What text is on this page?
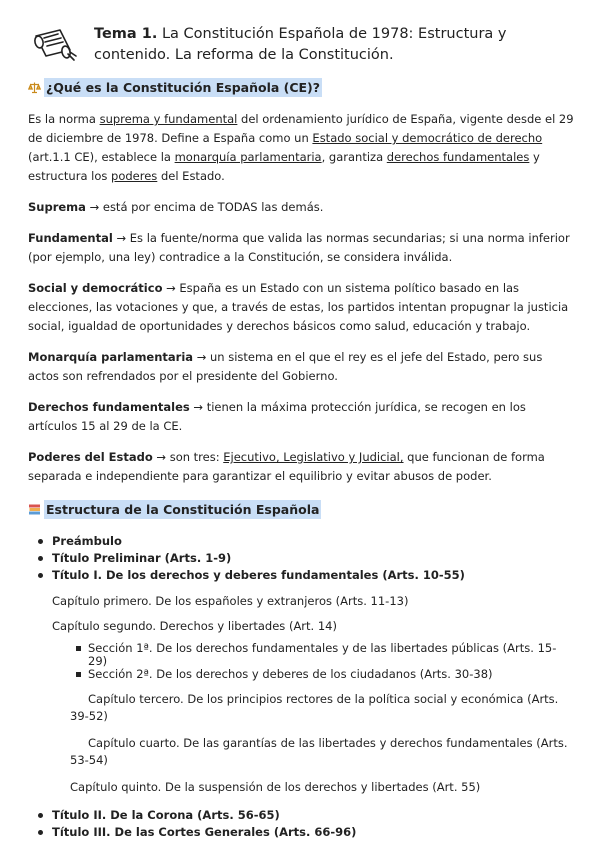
Tema 1. La Constitución Española de 1978: Estructura y contenido. La reforma de la Constitución.
¿Qué es la Constitución Española (CE)?

Es la norma suprema y fundamental del ordenamiento jurídico de España, vigente desde el 29 de diciembre de 1978. Define a España como un Estado social y democrático de derecho (art.1.1 CE), establece la monarquía parlamentaria, garantiza derechos fundamentales y estructura los poderes del Estado.

Suprema → está por encima de TODAS las demás.

Fundamental → Es la fuente/norma que valida las normas secundarias; si una norma inferior (por ejemplo, una ley) contradice a la Constitución, se considera inválida.

Social y democrático → España es un Estado con un sistema político basado en las elecciones, las votaciones y que, a través de estas, los partidos intentan propugnar la justicia social, igualdad de oportunidades y derechos básicos como salud, educación y trabajo.

Monarquía parlamentaria → un sistema en el que el rey es el jefe del Estado, pero sus actos son refrendados por el presidente del Gobierno.

Derechos fundamentales → tienen la máxima protección jurídica, se recogen en los artículos 15 al 29 de la CE.

Poderes del Estado → son tres: Ejecutivo, Legislativo y Judicial, que funcionan de forma separada e independiente para garantizar el equilibrio y evitar abusos de poder.

Estructura de la Constitución Española
Preámbulo
Título Preliminar (Arts. 1-9)
Título I. De los derechos y deberes fundamentales (Arts. 10-55)
Capítulo primero. De los españoles y extranjeros (Arts. 11-13)
Capítulo segundo. Derechos y libertades (Art. 14)
Sección 1ª. De los derechos fundamentales y de las libertades públicas (Arts. 15-29)
Sección 2ª. De los derechos y deberes de los ciudadanos (Arts. 30-38)
Capítulo tercero. De los principios rectores de la política social y económica (Arts. 39-52)
Capítulo cuarto. De las garantías de las libertades y derechos fundamentales (Arts. 53-54)
Capítulo quinto. De la suspensión de los derechos y libertades (Art. 55)
Título II. De la Corona (Arts. 56-65)
Título III. De las Cortes Generales (Arts. 66-96)
